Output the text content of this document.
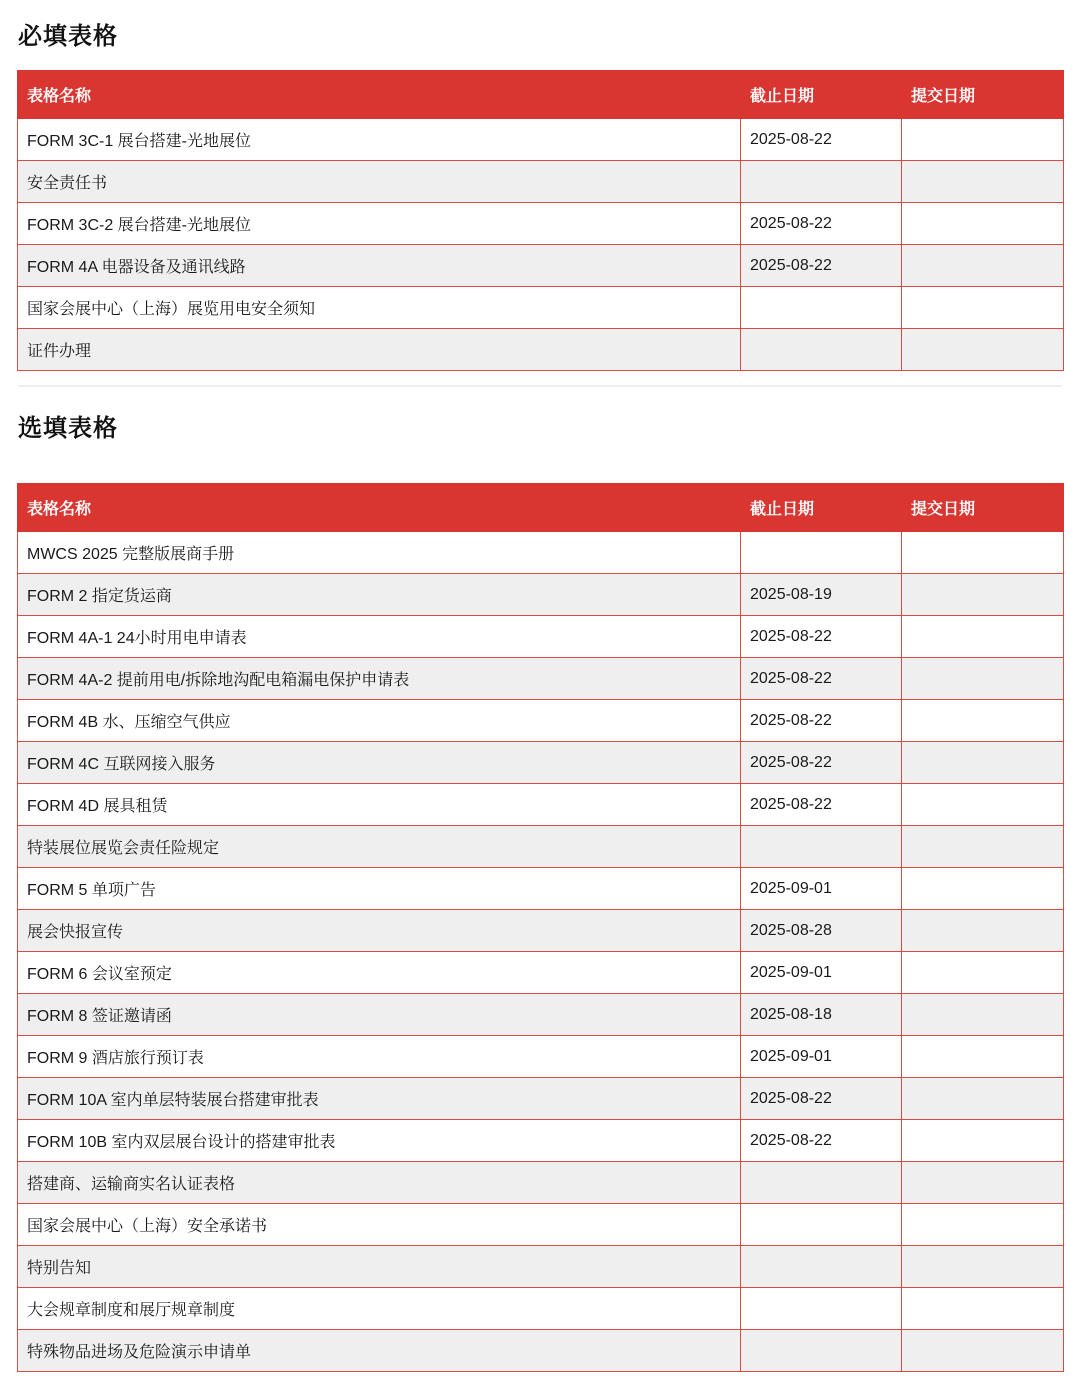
必填表格
表格名称	截止日期	提交日期
FORM 3C-1 展台搭建-光地展位	2025-08-22	
安全责任书		
FORM 3C-2 展台搭建-光地展位	2025-08-22	
FORM 4A 电器设备及通讯线路	2025-08-22	
国家会展中心（上海）展览用电安全须知		
证件办理		
选填表格
表格名称	截止日期	提交日期
MWCS 2025 完整版展商手册		
FORM 2 指定货运商	2025-08-19	
FORM 4A-1 24小时用电申请表	2025-08-22	
FORM 4A-2 提前用电/拆除地沟配电箱漏电保护申请表	2025-08-22	
FORM 4B 水、压缩空气供应	2025-08-22	
FORM 4C 互联网接入服务	2025-08-22	
FORM 4D 展具租赁	2025-08-22	
特装展位展览会责任险规定		
FORM 5 单项广告	2025-09-01	
展会快报宣传	2025-08-28	
FORM 6 会议室预定	2025-09-01	
FORM 8 签证邀请函	2025-08-18	
FORM 9 酒店旅行预订表	2025-09-01	
FORM 10A 室内单层特装展台搭建审批表	2025-08-22	
FORM 10B 室内双层展台设计的搭建审批表	2025-08-22	
搭建商、运输商实名认证表格		
国家会展中心（上海）安全承诺书		
特别告知		
大会规章制度和展厅规章制度		
特殊物品进场及危险演示申请单		
